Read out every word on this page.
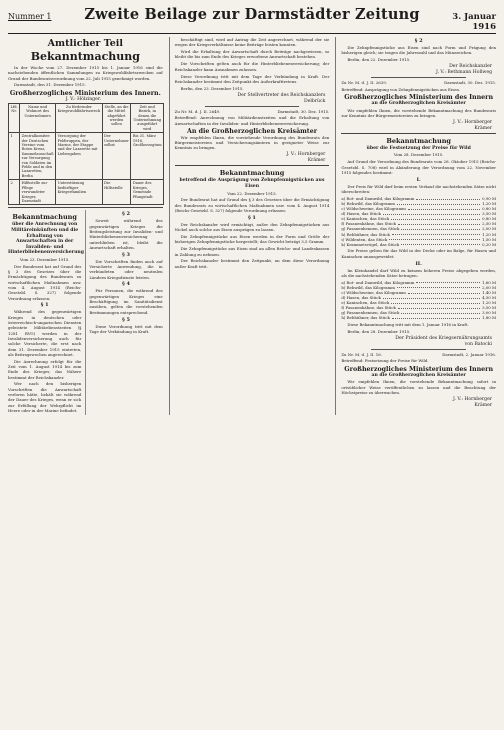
Nummer 1	Zweite Beilage zur Darmstädter Zeitung	3. Januar 1916
Amtlicher Teil
Bekanntmachung

In der Woche vom 27. Dezember 1915 bis 1. Januar 1916 sind die nachstehenden öffentlichen Sammlungen zu Kriegswohlfahrtszwecken auf Grund der Bundesratsverordnung vom 22. Juli 1915 genehmigt worden.

Darmstadt, den 31. Dezember 1915.

Großherzogliches Ministerium des Innern.
J. V.: Hölzinger.
Lfd. Nr.	Name und Wohnort des Unternehmers	Zu fördernder Kriegswohlfahrtszweck	Stelle, an die die Mittel abgeführt werden sollen	Zeit und Bezirk, in denen die Unternehmung ausgeführt wird
1	Zentralkomitee der Deutschen Vereine vom Roten Kreuz, Sammelausschuß zur Versorgung von Soldaten im Felde und in den Lazaretten, Berlin	Versorgung der Feldtruppen, der Marine, der Etappe und der Lazarette mit Liebesgaben	Der Unternehmer selbst	Bis 31. März 1916, Großherzogtum
2	Hilfsstelle zur Pflege verwundeter Krieger, Darmstadt	Unterstützung bedürftiger Kriegerfamilien	Die Hilfsstelle	Dauer des Krieges, Gemeinde Pfungstadt
Bekanntmachung
über die Anrechnung von Militäreinkünften und die Erhaltung von Anwartschaften in der Invaliden- und Hinterbliebenenversicherung

Vom 23. Dezember 1915.

Der Bundesrat hat auf Grund des § 3 des Gesetzes über die Ermächtigung des Bundesrats zu wirtschaftlichen Maßnahmen usw. vom 4. August 1914 (Reichs-Gesetzbl. S. 327) folgende Verordnung erlassen:

§ 1

Während des gegenwärtigen Krieges in deutschen oder österreichisch-ungarischen Diensten geleistete Militärdienstzeiten (§ 1281 RVO) werden in der Invalidenversicherung auch für solche Versicherte, die erst nach dem 31. Dezember 1915 eintreten, als Beitragswochen angerechnet.

Die Anrechnung erfolgt für die Zeit vom 1. August 1914 bis zum Ende des Krieges; das Nähere bestimmt der Reichskanzler.

Wer nach den bisherigen Vorschriften die Anwartschaft verloren hätte, behält sie während der Dauer des Krieges, wenn er sich zur Erfüllung der Wehrpflicht im Heere oder in der Marine befindet.

§ 2

Soweit während des gegenwärtigen Krieges die Beitragsleistung zur Invaliden- und Hinterbliebenenversicherung unterblieben ist, bleibt die Anwartschaft erhalten.

§ 3

Die Vorschriften finden auch auf Versicherte Anwendung, die in verbündeten oder neutralen Ländern Kriegsdienste leisten.

§ 4

Für Personen, die während des gegenwärtigen Krieges eine Beschäftigung im Sanitätsdienst ausüben, gelten die vorstehenden Bestimmungen entsprechend.

§ 5

Diese Verordnung tritt mit dem Tage der Verkündung in Kraft.

beschäftigt sind, wird auf Antrag die Zeit angerechnet, während der sie wegen der Kriegsverhältnisse keine Beiträge leisten konnten.

Wird die Erhaltung der Anwartschaft durch Beiträge nachgewiesen, so bleibt die bis zum Ende des Krieges erworbene Anwartschaft bestehen.

Die Vorschriften gelten auch für die Hinterbliebenenversicherung; der Reichskanzler kann Ausnahmen zulassen.

Diese Verordnung tritt mit dem Tage der Verkündung in Kraft. Der Reichskanzler bestimmt den Zeitpunkt des Außerkrafttretens.

Berlin, den 23. Dezember 1915.

Der Stellvertreter des Reichskanzlers
Delbrück
Zu Nr. M. d. J. II. 2649.	Darmstadt, 30. Dez. 1915.

Betreffend: Anrechnung von Militärdienstzeiten und die Erhaltung von Anwartschaften in der Invaliden- und Hinterbliebenenversicherung.

An die Großherzoglichen Kreisämter

Wir empfehlen Ihnen, die vorstehende Verordnung des Bundesrats den Bürgermeistereien und Versicherungsämtern in geeigneter Weise zur Kenntnis zu bringen.

J. V.: Hornberger
Krämer
Bekanntmachung
betreffend die Ausprägung von Zehnpfennigstücken aus Eisen

Vom 22. Dezember 1915.

Der Bundesrat hat auf Grund des § 3 des Gesetzes über die Ermächtigung des Bundesrats zu wirtschaftlichen Maßnahmen usw. vom 4. August 1914 (Reichs-Gesetzbl. S. 327) folgende Verordnung erlassen:

§ 1

Der Reichskanzler wird ermächtigt, außer den Zehnpfennigstücken aus Nickel auch solche aus Eisen ausprägen zu lassen.

Die Zehnpfennigstücke aus Eisen werden in der Form und Größe der bisherigen Zehnpfennigstücke hergestellt; das Gewicht beträgt 3,5 Gramm.

Die Zehnpfennigstücke aus Eisen sind an allen Reichs- und Landeskassen in Zahlung zu nehmen.

Der Reichskanzler bestimmt den Zeitpunkt, an dem diese Verordnung außer Kraft tritt.

§ 2

Die Zehnpfennigstücke aus Eisen sind nach Form und Prägung den bisherigen gleich; sie tragen die Jahreszahl und das Münzzeichen.

Berlin, den 22. Dezember 1915.

Der Reichskanzler
J. V.: Bethmann Hollweg
Zu Nr. M. d. J. II. 2639.	Darmstadt, 30. Dez. 1915.

Betreffend: Ausprägung von Zehnpfennigstücken aus Eisen.

Großherzogliches Ministerium des Innern
an die Großherzoglichen Kreisämter

Wir empfehlen Ihnen, die vorstehende Bekanntmachung des Bundesrats zur Kenntnis der Bürgermeistereien zu bringen.

J. V.: Hornberger
Krämer
Bekanntmachung
über die Festsetzung der Preise für Wild

Vom 28. Dezember 1915.

Auf Grund der Verordnung des Bundesrats vom 28. Oktober 1915 (Reichs-Gesetzbl. S. 708) wird in Abänderung der Verordnung vom 22. November 1915 folgendes bestimmt:

I.

Der Preis für Wild darf beim ersten Verkauf die nachstehenden Sätze nicht überschreiten:

a) Rot- und Damwild, das Kilogramm	0,90 M
b) Rehwild, das Kilogramm	1,20 M
c) Wildschweine, das Kilogramm	0,80 M
d) Hasen, das Stück	3,50 M
e) Kaninchen, das Stück	0,80 M
f) Fasanenhähne, das Stück	2,50 M
g) Fasanenhennen, das Stück	2,00 M
h) Rebhühner, das Stück	1,20 M
i) Wildenten, das Stück	1,50 M
k) Krammetsvögel, das Stück	0,20 M

Die Preise gelten für das Wild in der Decke oder im Balge, für Hasen und Kaninchen unausgeweidet.

II.

Im Kleinhandel darf Wild zu keinem höheren Preise abgegeben werden, als die nachstehenden Sätze betragen:

a) Rot- und Damwild, das Kilogramm	1,60 M
b) Rehwild, das Kilogramm	2,00 M
c) Wildschweine, das Kilogramm	1,40 M
d) Hasen, das Stück	4,50 M
e) Kaninchen, das Stück	1,20 M
f) Fasanenhähne, das Stück	3,50 M
g) Fasanenhennen, das Stück	3,00 M
h) Rebhühner, das Stück	1,80 M

Diese Bekanntmachung tritt mit dem 1. Januar 1916 in Kraft.

Berlin, den 28. Dezember 1915.

Der Präsident des Kriegsernährungsamts
von Batocki
Zu Nr. M. d. J. II. 16.	Darmstadt, 2. Januar 1916.

Betreffend: Festsetzung der Preise für Wild.

Großherzogliches Ministerium des Innern
an die Großherzoglichen Kreisämter

Wir empfehlen Ihnen, die vorstehende Bekanntmachung sofort in ortsüblicher Weise veröffentlichen zu lassen und die Beachtung der Höchstpreise zu überwachen.

J. V.: Hornberger
Krämer
